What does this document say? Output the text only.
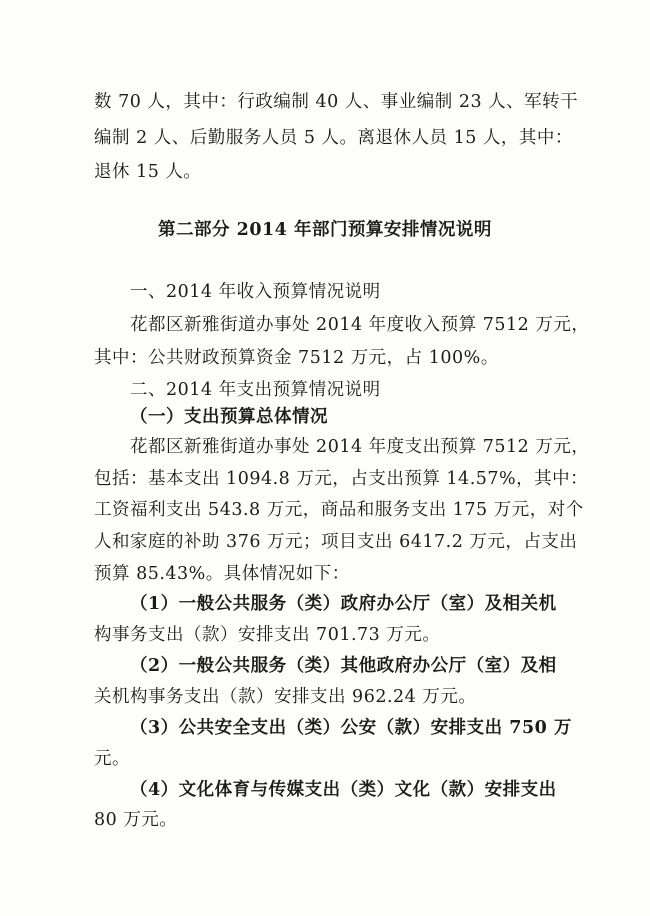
数 70 人，其中：行政编制 40 人、事业编制 23 人、军转干
编制 2 人、后勤服务人员 5 人。离退休人员 15 人，其中：
退休 15 人。
第二部分 2014 年部门预算安排情况说明
一、2014 年收入预算情况说明
花都区新雅街道办事处 2014 年度收入预算 7512 万元，
其中：公共财政预算资金 7512 万元，占 100%。
二、2014 年支出预算情况说明
（一）支出预算总体情况
花都区新雅街道办事处 2014 年度支出预算 7512 万元，
包括：基本支出 1094.8 万元，占支出预算 14.57%，其中：
工资福利支出 543.8 万元，商品和服务支出 175 万元，对个
人和家庭的补助 376 万元；项目支出 6417.2 万元，占支出
预算 85.43%。具体情况如下：
（1）一般公共服务（类）政府办公厅（室）及相关机
构事务支出（款）安排支出 701.73 万元。
（2）一般公共服务（类）其他政府办公厅（室）及相
关机构事务支出（款）安排支出 962.24 万元。
（3）公共安全支出（类）公安（款）安排支出 750 万
元。
（4）文化体育与传媒支出（类）文化（款）安排支出
80 万元。
